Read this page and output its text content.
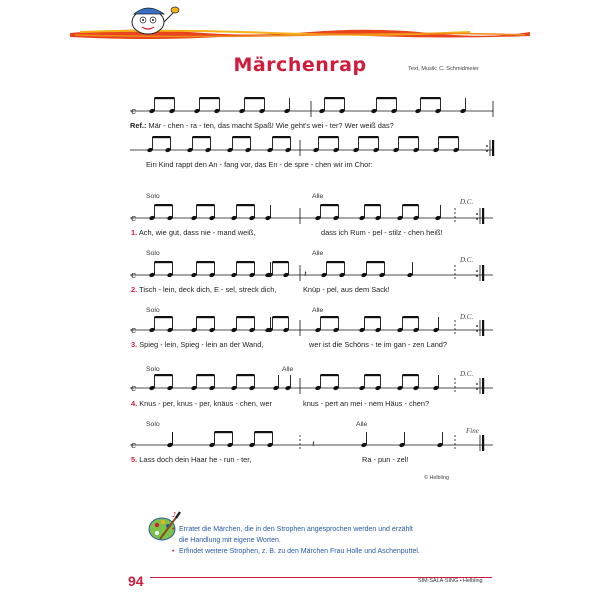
Märchenrap	Text, Musik: C. Schmidmeier
c
c
c	𝄽
c
c
c	𝄽
Ref.: Mär - chen - ra - ten, das macht Spaß! Wie geht's wei - ter? Wer weiß das?
Ein Kind rappt den An - fang vor, das En - de spre - chen wir im Chor:
Solo	Alle
D.C.
1. Ach, wie gut, dass nie - mand weiß,	dass ich Rum - pel - stilz - chen heiß!
Solo	Alle
D.C.
2. Tisch - lein, deck dich, E - sel, streck dich,	Knüp - pel, aus dem Sack!
Solo	Alle
D.C.
3. Spieg - lein, Spieg - lein an der Wand,	wer ist die Schöns - te im gan - zen Land?
Solo	Alle
D.C.
4. Knus - per, knus - per, knäus - chen, wer	knus - pert an mei - nem Häus - chen?
Solo	Alle
Fine
5. Lass doch dein Haar he - run - ter,	Ra - pun - zel!
© Helbling
♪
• Erratet die Märchen, die in den Strophen angesprochen werden und erzählt
die Handlung mit eigene Worten.
• Erfindet weitere Strophen, z. B. zu den Märchen Frau Holle und Aschenputtel.
94	SIM·SALA·SING • Helbling
